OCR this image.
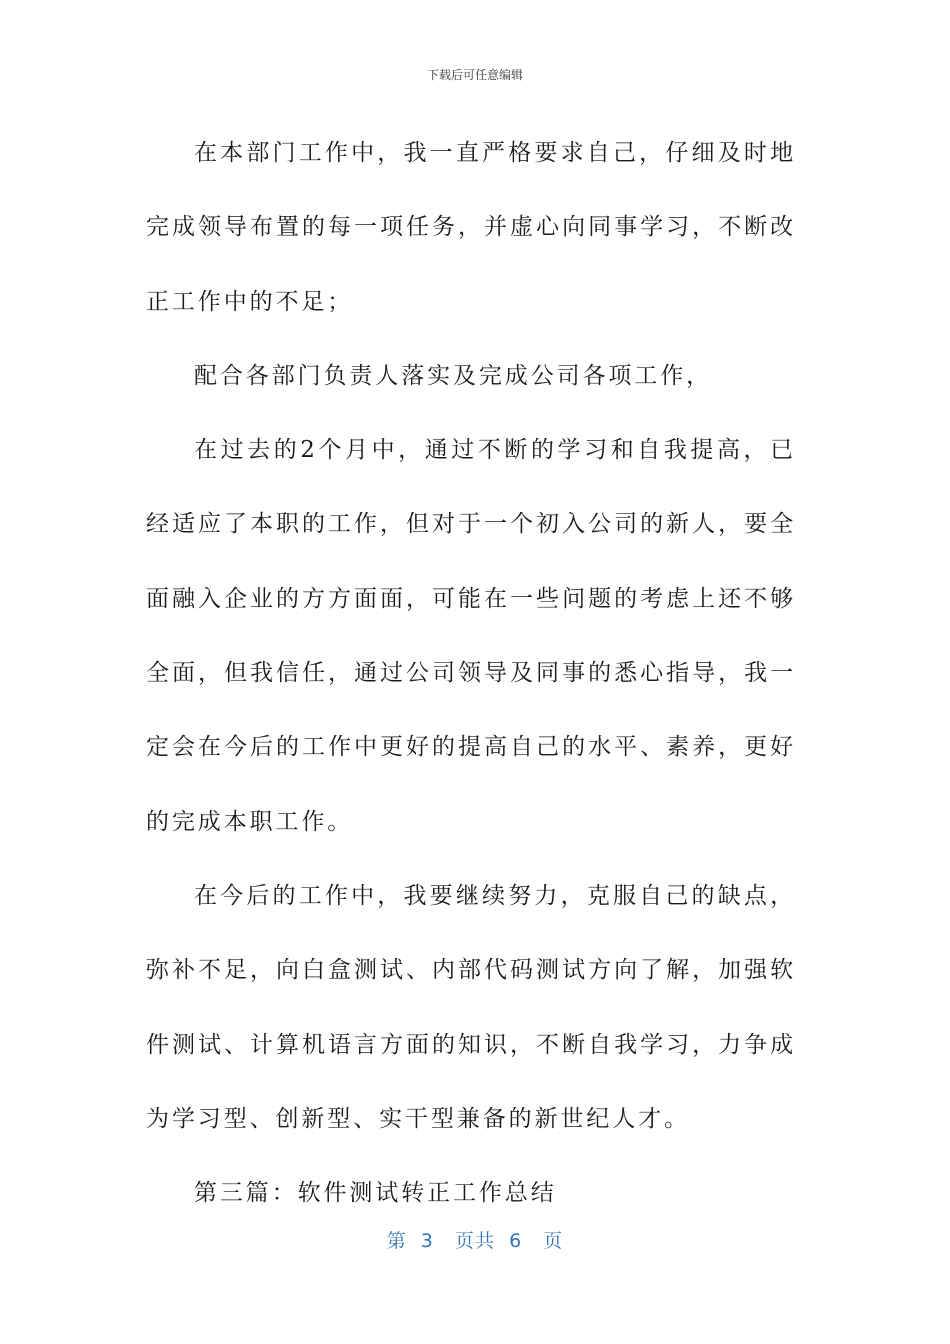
下载后可任意编辑

在本部门工作中，我一直严格要求自己，仔细及时地完成领导布置的每一项任务，并虚心向同事学习，不断改正工作中的不足；

配合各部门负责人落实及完成公司各项工作，

在过去的2个月中，通过不断的学习和自我提高，已经适应了本职的工作，但对于一个初入公司的新人，要全面融入企业的方方面面，可能在一些问题的考虑上还不够全面，但我信任，通过公司领导及同事的悉心指导，我一定会在今后的工作中更好的提高自己的水平、素养，更好的完成本职工作。

在今后的工作中，我要继续努力，克服自己的缺点，弥补不足，向白盒测试、内部代码测试方向了解，加强软件测试、计算机语言方面的知识，不断自我学习，力争成为学习型、创新型、实干型兼备的新世纪人才。

第三篇：软件测试转正工作总结

第  3   页共  6   页
